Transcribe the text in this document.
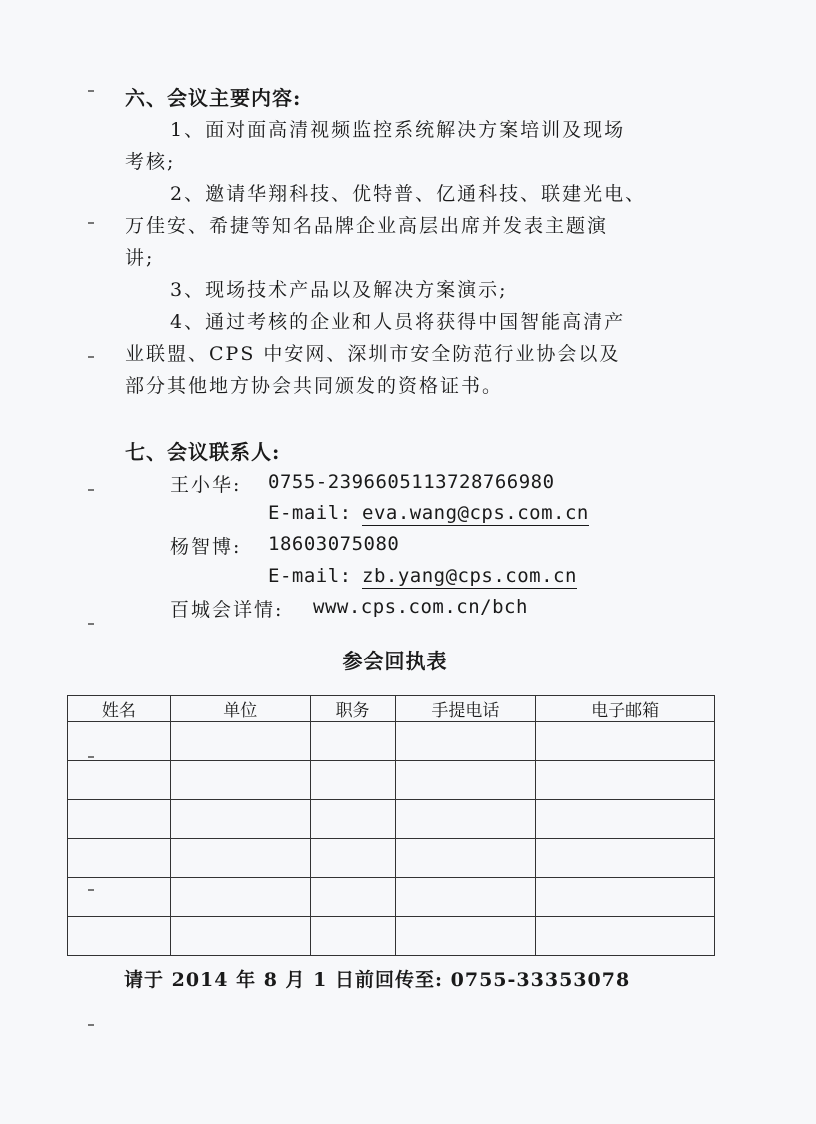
六、会议主要内容:
1、面对面高清视频监控系统解决方案培训及现场
考核;
2、邀请华翔科技、优特普、亿通科技、联建光电、
万佳安、希捷等知名品牌企业高层出席并发表主题演
讲;
3、现场技术产品以及解决方案演示;
4、通过考核的企业和人员将获得中国智能高清产
业联盟、CPS 中安网、深圳市安全防范行业协会以及
部分其他地方协会共同颁发的资格证书。
七、会议联系人:
王小华: 0755-2396605113728766980
E-mail: eva.wang@cps.com.cn
杨智博: 18603075080
E-mail: zb.yang@cps.com.cn
百城会详情: www.cps.com.cn/bch
参会回执表
姓名	单位	职务	手提电话	电子邮箱

请于 2014 年 8 月 1 日前回传至: 0755-33353078
